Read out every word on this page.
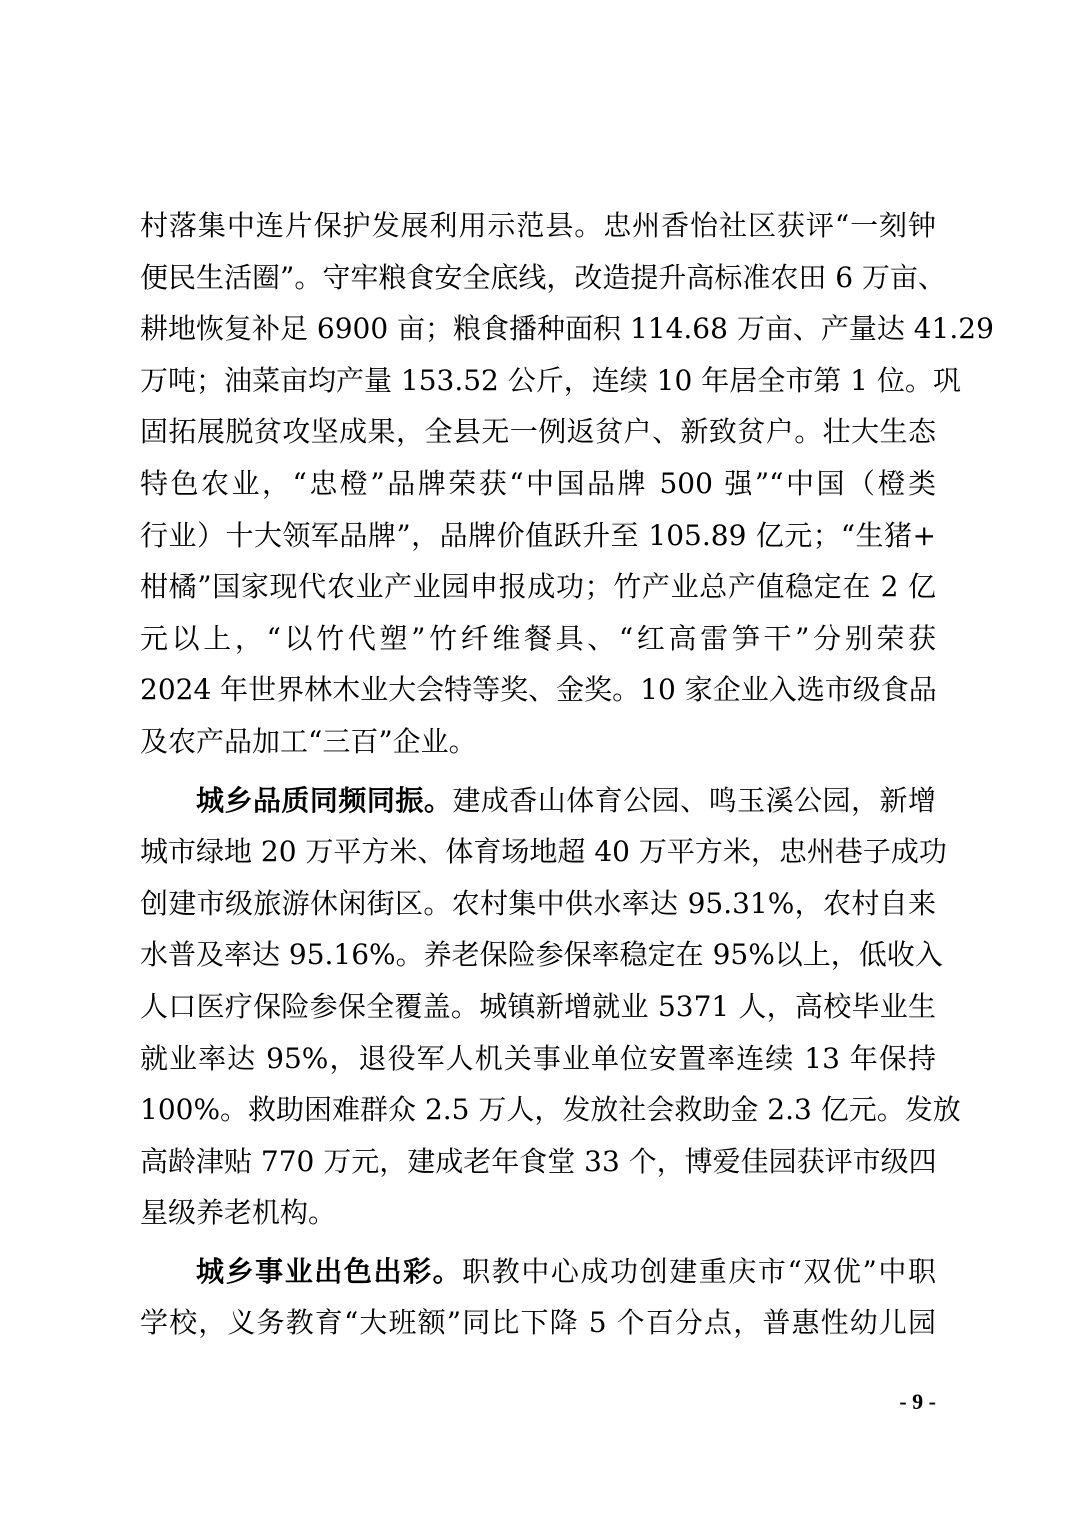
村落集中连片保护发展利用示范县。忠州香怡社区获评“一刻钟
便民生活圈”。守牢粮食安全底线，改造提升高标准农田 6 万亩、
耕地恢复补足 6900 亩；粮食播种面积 114.68 万亩、产量达 41.29
万吨；油菜亩均产量 153.52 公斤，连续 10 年居全市第 1 位。巩
固拓展脱贫攻坚成果，全县无一例返贫户、新致贫户。壮大生态
特色农业，“忠橙”品牌荣获“中国品牌 500 强”“中国（橙类
行业）十大领军品牌”，品牌价值跃升至 105.89 亿元；“生猪+
柑橘”国家现代农业产业园申报成功；竹产业总产值稳定在 2 亿
元以上，“以竹代塑”竹纤维餐具、“红高雷笋干”分别荣获
2024 年世界林木业大会特等奖、金奖。10 家企业入选市级食品
及农产品加工“三百”企业。
城乡品质同频同振。建成香山体育公园、鸣玉溪公园，新增
城市绿地 20 万平方米、体育场地超 40 万平方米，忠州巷子成功
创建市级旅游休闲街区。农村集中供水率达 95.31%，农村自来
水普及率达 95.16%。养老保险参保率稳定在 95%以上，低收入
人口医疗保险参保全覆盖。城镇新增就业 5371 人，高校毕业生
就业率达 95%，退役军人机关事业单位安置率连续 13 年保持
100%。救助困难群众 2.5 万人，发放社会救助金 2.3 亿元。发放
高龄津贴 770 万元，建成老年食堂 33 个，博爱佳园获评市级四
星级养老机构。
城乡事业出色出彩。职教中心成功创建重庆市“双优”中职
学校，义务教育“大班额”同比下降 5 个百分点，普惠性幼儿园
- 9 -
